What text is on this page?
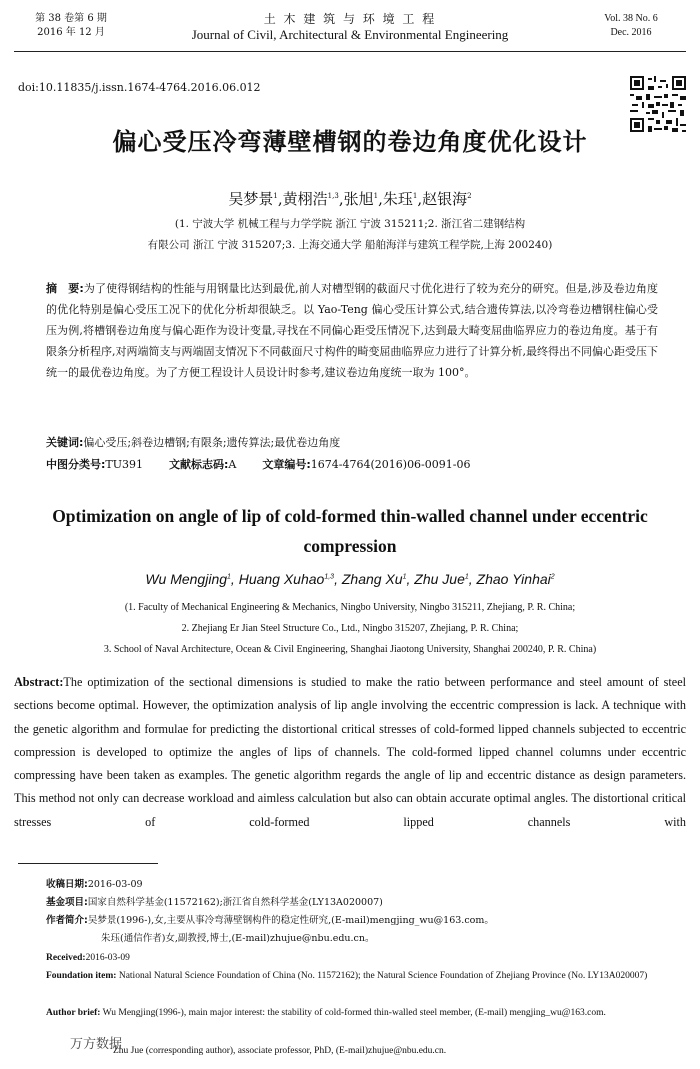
第 38 卷第 6 期
2016 年 12 月
土 木 建 筑 与 环 境 工 程
Journal of Civil, Architectural & Environmental Engineering
Vol. 38 No. 6
Dec. 2016
doi:10.11835/j.issn.1674-4764.2016.06.012
偏心受压冷弯薄壁槽钢的卷边角度优化设计
吴梦景$^1$,黄栩浩$^{1,3}$,张旭$^1$,朱珏$^1$,赵银海$^2$
(1. 宁波大学 机械工程与力学学院 浙江 宁波 315211;2. 浙江省二建钢结构
有限公司 浙江 宁波 315207;3. 上海交通大学 船舶海洋与建筑工程学院,上海 200240)
摘　要:为了使得钢结构的性能与用钢量比达到最优,前人对槽型钢的截面尺寸优化进行了较为充分的研究。但是,涉及卷边角度的优化特别是偏心受压工况下的优化分析却很缺乏。以 Yao-Teng 偏心受压计算公式,结合遗传算法,以冷弯卷边槽钢柱偏心受压为例,将槽钢卷边角度与偏心距作为设计变量,寻找在不同偏心距受压情况下,达到最大畸变屈曲临界应力的卷边角度。基于有限条分析程序,对两端简支与两端固支情况下不同截面尺寸构件的畸变屈曲临界应力进行了计算分析,最终得出不同偏心距受压下统一的最优卷边角度。为了方便工程设计人员设计时参考,建议卷边角度统一取为 100°。
关键词:偏心受压;斜卷边槽钢;有限条;遗传算法;最优卷边角度
中图分类号:TU391 文献标志码:A 文章编号:1674-4764(2016)06-0091-06
Optimization on angle of lip of cold-formed thin-walled channel under eccentric compression
Wu Mengjing$^1$, Huang Xuhao$^{1,3}$, Zhang Xu$^1$, Zhu Jue$^1$, Zhao Yinhai$^2$
(1. Faculty of Mechanical Engineering & Mechanics, Ningbo University, Ningbo 315211, Zhejiang, P. R. China;
2. Zhejiang Er Jian Steel Structure Co., Ltd., Ningbo 315207, Zhejiang, P. R. China;
3. School of Naval Architecture, Ocean & Civil Engineering, Shanghai Jiaotong University, Shanghai 200240, P. R. China)
Abstract:The optimization of the sectional dimensions is studied to make the ratio between performance and steel amount of steel sections become optimal. However, the optimization analysis of lip angle involving the eccentric compression is lack. A technique with the genetic algorithm and formulae for predicting the distortional critical stresses of cold-formed lipped channels subjected to eccentric compression is developed to optimize the angles of lips of channels. The cold-formed lipped channel columns under eccentric compressing have been taken as examples. The genetic algorithm regards the angle of lip and eccentric distance as design parameters. This method not only can decrease workload and aimless calculation but also can obtain accurate optimal angles. The distortional critical stresses of cold-formed lipped channels with
收稿日期:2016-03-09
基金项目:国家自然科学基金(11572162);浙江省自然科学基金(LY13A020007)
作者简介:吴梦景(1996-),女,主要从事冷弯薄壁钢构件的稳定性研究,(E-mail)mengjing_wu@163.com。
朱珏(通信作者)女,副教授,博士,(E-mail)zhujue@nbu.edu.cn。
Received:2016-03-09
Foundation item: National Natural Science Foundation of China (No. 11572162); the Natural Science Foundation of Zhejiang Province (No. LY13A020007)
Author brief: Wu Mengjing(1996-), main major interest: the stability of cold-formed thin-walled steel member, (E-mail) mengjing_wu@163.com.
Zhu Jue (corresponding author), associate professor, PhD, (E-mail)zhujue@nbu.edu.cn.
万方数据
